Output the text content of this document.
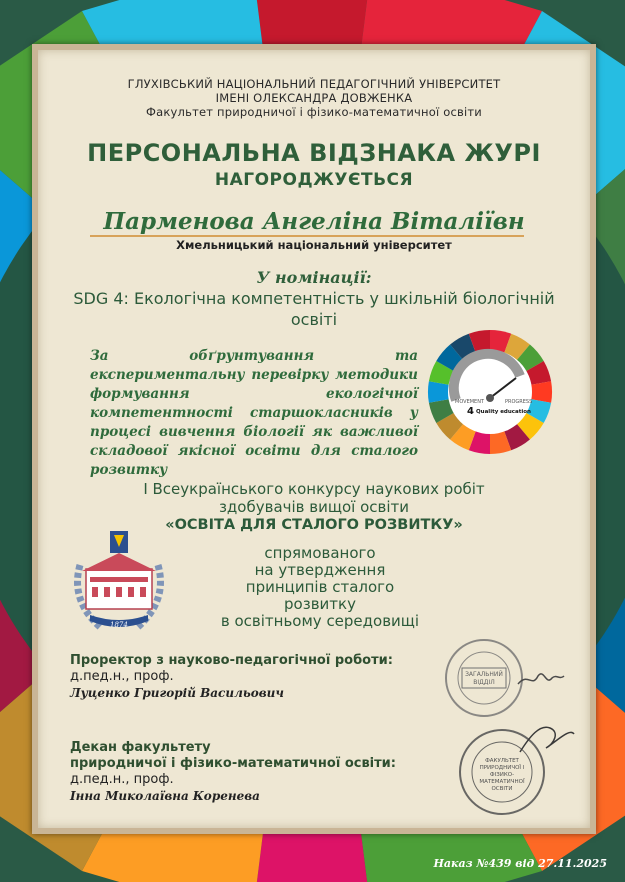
ГЛУХІВСЬКИЙ НАЦІОНАЛЬНИЙ ПЕДАГОГІЧНИЙ УНІВЕРСИТЕТ
ІМЕНІ ОЛЕКСАНДРА ДОВЖЕНКА
Факультет природничої і фізико-математичної освіти
ПЕРСОНАЛЬНА ВІДЗНАКА ЖУРІ
НАГОРОДЖУЄТЬСЯ
Парменова Ангеліна Віталіївн
Хмельницький національний університет
У номінації:
SDG 4: Екологічна компетентність у шкільній біологічній освіті
За обґрунтування та експериментальну перевірку методики формування екологічної компетентності старшокласників у процесі вивчення біології як важливої складової якісної освіти для сталого розвитку
MOVEMENT	PROGRESS
4 Quality education
І Всеукраїнського конкурсу наукових робіт
здобувачів вищої освіти
«ОСВІТА ДЛЯ СТАЛОГО РОЗВИТКУ»
спрямованого
на утвердження
принципів сталого розвитку
в освітньому середовищі
1874
Проректор з науково-педагогічної роботи:
д.пед.н., проф.
Луценко Григорій Васильович
Декан факультету
природничої і фізико-математичної освіти:
д.пед.н., проф.
Інна Миколаївна Коренева
ЗАГАЛЬНИЙ
ВІДДІЛ
ФАКУЛЬТЕТ
ПРИРОДНИЧОЇ І
ФІЗИКО-
МАТЕМАТИЧНОЇ
ОСВІТИ
Наказ №439 від 27.11.2025
